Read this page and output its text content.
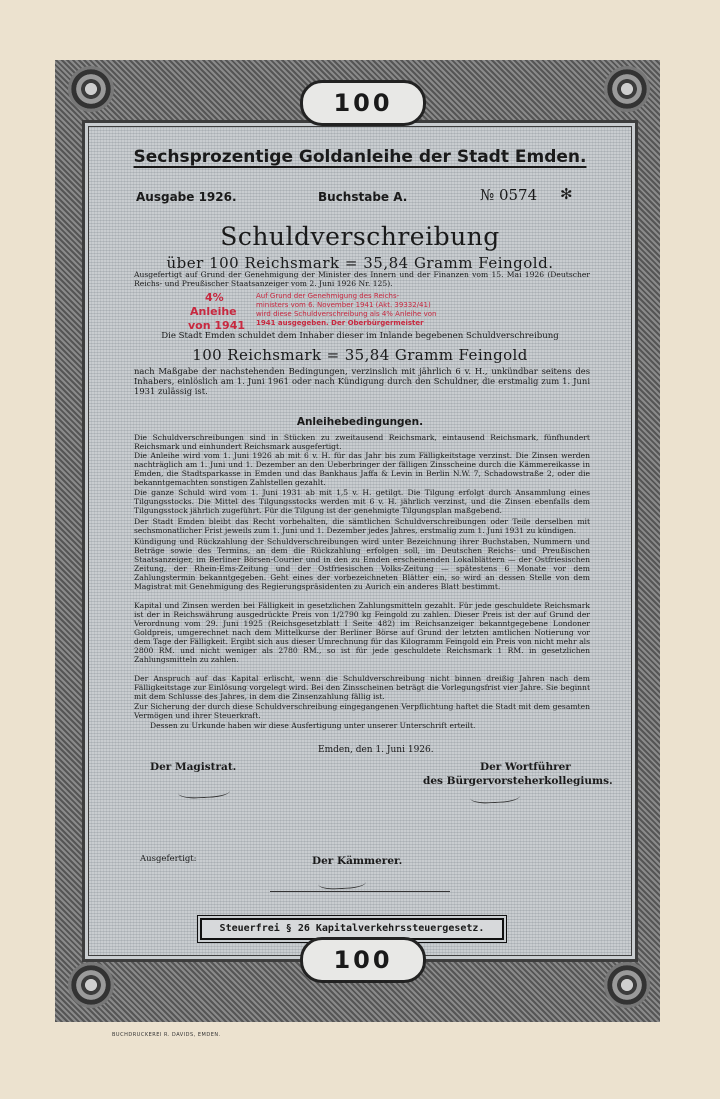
100
Sechsprozentige Goldanleihe der Stadt Emden.
Ausgabe 1926.	Buchstabe A.	№ 0574 ✻
Schuldverschreibung
über 100 Reichsmark = 35,84 Gramm Feingold.
Ausgefertigt auf Grund der Genehmigung der Minister des Innern und der Finanzen vom 15. Mai 1926 (Deutscher Reichs- und Preußischer Staatsanzeiger vom 2. Juni 1926 Nr. 125).
4%
Anleihe
von 1941
Auf Grund der Genehmigung des Reichs-
ministers vom 6. November 1941 (Akt. 39332/41)
wird diese Schuldverschreibung als 4% Anleihe von
1941 ausgegeben. Der Oberbürgermeister
Die Stadt Emden schuldet dem Inhaber dieser im Inlande begebenen Schuldverschreibung
100 Reichsmark = 35,84 Gramm Feingold
nach Maßgabe der nachstehenden Bedingungen, verzinslich mit jährlich 6 v. H., unkündbar seitens des Inhabers, einlöslich am 1. Juni 1961 oder nach Kündigung durch den Schuldner, die erstmalig zum 1. Juni 1931 zulässig ist.
Anleihebedingungen.
Die Schuldverschreibungen sind in Stücken zu zweitausend Reichsmark, eintausend Reichsmark, fünfhundert Reichsmark und einhundert Reichsmark ausgefertigt.
Die Anleihe wird vom 1. Juni 1926 ab mit 6 v. H. für das Jahr bis zum Fälligkeitstage verzinst. Die Zinsen werden nachträglich am 1. Juni und 1. Dezember an den Ueberbringer der fälligen Zinsscheine durch die Kämmereikasse in Emden, die Stadtsparkasse in Emden und das Bankhaus Jaffa & Levin in Berlin N.W. 7, Schadowstraße 2, oder die bekanntgemachten sonstigen Zahlstellen gezahlt.
Die ganze Schuld wird vom 1. Juni 1931 ab mit 1,5 v. H. getilgt. Die Tilgung erfolgt durch Ansammlung eines Tilgungsstocks. Die Mittel des Tilgungsstocks werden mit 6 v. H. jährlich verzinst, und die Zinsen ebenfalls dem Tilgungsstock jährlich zugeführt. Für die Tilgung ist der genehmigte Tilgungsplan maßgebend.
Der Stadt Emden bleibt das Recht vorbehalten, die sämtlichen Schuldverschreibungen oder Teile derselben mit sechsmonatlicher Frist jeweils zum 1. Juni und 1. Dezember jedes Jahres, erstmalig zum 1. Juni 1931 zu kündigen.
Kündigung und Rückzahlung der Schuldverschreibungen wird unter Bezeichnung ihrer Buchstaben, Nummern und Beträge sowie des Termins, an dem die Rückzahlung erfolgen soll, im Deutschen Reichs- und Preußischen Staatsanzeiger, im Berliner Börsen-Courier und in den zu Emden erscheinenden Lokalblättern — der Ostfriesischen Zeitung, der Rhein-Ems-Zeitung und der Ostfriesischen Volks-Zeitung — spätestens 6 Monate vor dem Zahlungstermin bekanntgegeben. Geht eines der vorbezeichneten Blätter ein, so wird an dessen Stelle von dem Magistrat mit Genehmigung des Regierungspräsidenten zu Aurich ein anderes Blatt bestimmt.
Kapital und Zinsen werden bei Fälligkeit in gesetzlichen Zahlungsmitteln gezahlt. Für jede geschuldete Reichsmark ist der in Reichswährung ausgedrückte Preis von 1/2790 kg Feingold zu zahlen. Dieser Preis ist der auf Grund der Verordnung vom 29. Juni 1925 (Reichsgesetzblatt I Seite 482) im Reichsanzeiger bekanntgegebene Londoner Goldpreis, umgerechnet nach dem Mittelkurse der Berliner Börse auf Grund der letzten amtlichen Notierung vor dem Tage der Fälligkeit. Ergibt sich aus dieser Umrechnung für das Kilogramm Feingold ein Preis von nicht mehr als 2800 RM. und nicht weniger als 2780 RM., so ist für jede geschuldete Reichsmark 1 RM. in gesetzlichen Zahlungsmitteln zu zahlen.
Der Anspruch auf das Kapital erlischt, wenn die Schuldverschreibung nicht binnen dreißig Jahren nach dem Fälligkeitstage zur Einlösung vorgelegt wird. Bei den Zinsscheinen beträgt die Vorlegungsfrist vier Jahre. Sie beginnt mit dem Schlusse des Jahres, in dem die Zinsenzahlung fällig ist.
Zur Sicherung der durch diese Schuldverschreibung eingegangenen Verpflichtung haftet die Stadt mit dem gesamten Vermögen und ihrer Steuerkraft.
Dessen zu Urkunde haben wir diese Ausfertigung unter unserer Unterschrift erteilt.
Emden, den 1. Juni 1926.
Der Magistrat.	Der Wortführer
des Bürgervorsteherkollegiums.
Ausgefertigt:	Der Kämmerer.
Steuerfrei § 26 Kapitalverkehrssteuergesetz.
100
BUCHDRUCKEREI R. DAVIDS, EMDEN.
